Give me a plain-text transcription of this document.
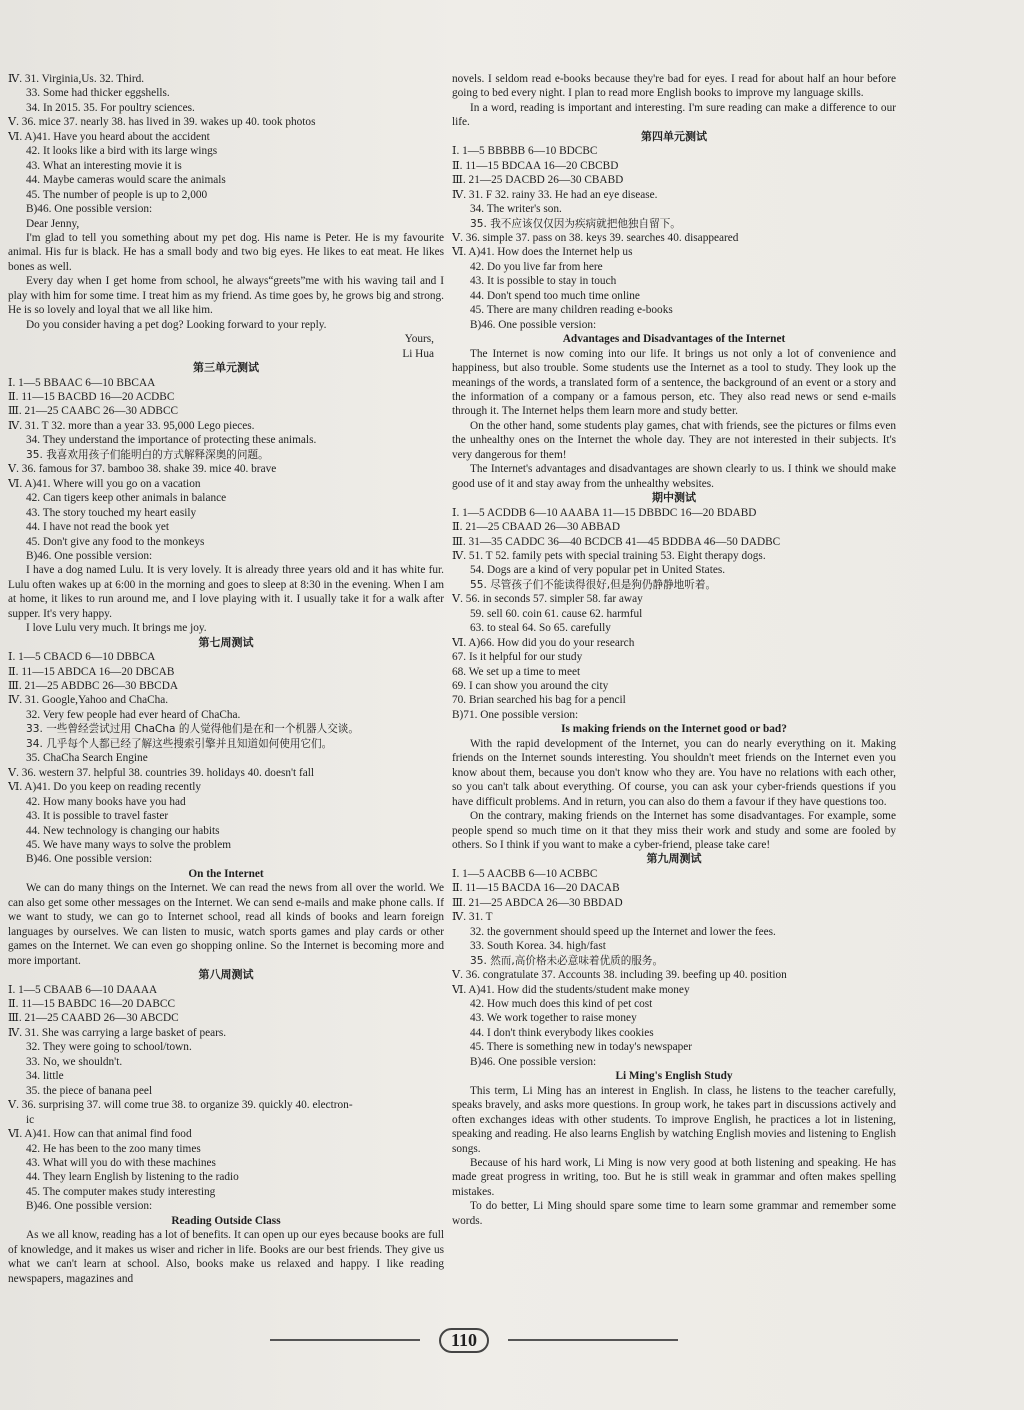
Ⅳ. 31. Virginia,Us. 32. Third.
33. Some had thicker eggshells.
34. In 2015. 35. For poultry sciences.
Ⅴ. 36. mice 37. nearly 38. has lived in 39. wakes up 40. took photos
Ⅵ. A)41. Have you heard about the accident
42. It looks like a bird with its large wings
43. What an interesting movie it is
44. Maybe cameras would scare the animals
45. The number of people is up to 2,000
B)46. One possible version:
Dear Jenny,
I'm glad to tell you something about my pet dog. His name is Peter. He is my favourite animal. His fur is black. He has a small body and two big eyes. He likes to eat meat. He likes bones as well.
Every day when I get home from school, he always“greets”me with his waving tail and I play with him for some time. I treat him as my friend. As time goes by, he grows big and strong. He is so lovely and loyal that we all like him.
Do you consider having a pet dog? Looking forward to your reply.
Yours,
Li Hua
第三单元测试
Ⅰ. 1—5 BBAAC 6—10 BBCAA
Ⅱ. 11—15 BACBD 16—20 ACDBC
Ⅲ. 21—25 CAABC 26—30 ADBCC
Ⅳ. 31. T 32. more than a year 33. 95,000 Lego pieces.
34. They understand the importance of protecting these animals.
35. 我喜欢用孩子们能明白的方式解释深奥的问题。
Ⅴ. 36. famous for 37. bamboo 38. shake 39. mice 40. brave
Ⅵ. A)41. Where will you go on a vacation
42. Can tigers keep other animals in balance
43. The story touched my heart easily
44. I have not read the book yet
45. Don't give any food to the monkeys
B)46. One possible version:
I have a dog named Lulu. It is very lovely. It is already three years old and it has white fur. Lulu often wakes up at 6:00 in the morning and goes to sleep at 8:30 in the evening. When I am at home, it likes to run around me, and I love playing with it. I usually take it for a walk after supper. It's very happy.
I love Lulu very much. It brings me joy.
第七周测试
Ⅰ. 1—5 CBACD 6—10 DBBCA
Ⅱ. 11—15 ABDCA 16—20 DBCAB
Ⅲ. 21—25 ABDBC 26—30 BBCDA
Ⅳ. 31. Google,Yahoo and ChaCha.
32. Very few people had ever heard of ChaCha.
33. 一些曾经尝试过用 ChaCha 的人觉得他们是在和一个机器人交谈。
34. 几乎每个人都已经了解这些搜索引擎并且知道如何使用它们。
35. ChaCha Search Engine
Ⅴ. 36. western 37. helpful 38. countries 39. holidays 40. doesn't fall
Ⅵ. A)41. Do you keep on reading recently
42. How many books have you had
43. It is possible to travel faster
44. New technology is changing our habits
45. We have many ways to solve the problem
B)46. One possible version:
On the Internet
We can do many things on the Internet. We can read the news from all over the world. We can also get some other messages on the Internet. We can send e-mails and make phone calls. If we want to study, we can go to Internet school, read all kinds of books and learn foreign languages by ourselves. We can listen to music, watch sports games and play cards or other games on the Internet. We can even go shopping online. So the Internet is becoming more and more important.
第八周测试
Ⅰ. 1—5 CBAAB 6—10 DAAAA
Ⅱ. 11—15 BABDC 16—20 DABCC
Ⅲ. 21—25 CAABD 26—30 ABCDC
Ⅳ. 31. She was carrying a large basket of pears.
32. They were going to school/town.
33. No, we shouldn't.
34. little
35. the piece of banana peel
Ⅴ. 36. surprising 37. will come true 38. to organize 39. quickly 40. electron-
ic
Ⅵ. A)41. How can that animal find food
42. He has been to the zoo many times
43. What will you do with these machines
44. They learn English by listening to the radio
45. The computer makes study interesting
B)46. One possible version:
Reading Outside Class
As we all know, reading has a lot of benefits. It can open up our eyes because books are full of knowledge, and it makes us wiser and richer in life. Books are our best friends. They give us what we can't learn at school. Also, books make us relaxed and happy. I like reading newspapers, magazines and
novels. I seldom read e-books because they're bad for eyes. I read for about half an hour before going to bed every night. I plan to read more English books to improve my language skills.
In a word, reading is important and interesting. I'm sure reading can make a difference to our life.
第四单元测试
Ⅰ. 1—5 BBBBB 6—10 BDCBC
Ⅱ. 11—15 BDCAA 16—20 CBCBD
Ⅲ. 21—25 DACBD 26—30 CBABD
Ⅳ. 31. F 32. rainy 33. He had an eye disease.
34. The writer's son.
35. 我不应该仅仅因为疾病就把他独自留下。
Ⅴ. 36. simple 37. pass on 38. keys 39. searches 40. disappeared
Ⅵ. A)41. How does the Internet help us
42. Do you live far from here
43. It is possible to stay in touch
44. Don't spend too much time online
45. There are many children reading e-books
B)46. One possible version:
Advantages and Disadvantages of the Internet
The Internet is now coming into our life. It brings us not only a lot of convenience and happiness, but also trouble. Some students use the Internet as a tool to study. They look up the meanings of the words, a translated form of a sentence, the background of an event or a story and the information of a company or a famous person, etc. They also read news or send e-mails through it. The Internet helps them learn more and study better.
On the other hand, some students play games, chat with friends, see the pictures or films even the unhealthy ones on the Internet the whole day. They are not interested in their subjects. It's very dangerous for them!
The Internet's advantages and disadvantages are shown clearly to us. I think we should make good use of it and stay away from the unhealthy websites.
期中测试
Ⅰ. 1—5 ACDDB 6—10 AAABA 11—15 DBBDC 16—20 BDABD
Ⅱ. 21—25 CBAAD 26—30 ABBAD
Ⅲ. 31—35 CADDC 36—40 BCDCB 41—45 BDDBA 46—50 DADBC
Ⅳ. 51. T 52. family pets with special training 53. Eight therapy dogs.
54. Dogs are a kind of very popular pet in United States.
55. 尽管孩子们不能读得很好,但是狗仍静静地听着。
Ⅴ. 56. in seconds 57. simpler 58. far away
59. sell 60. coin 61. cause 62. harmful
63. to steal 64. So 65. carefully
Ⅵ. A)66. How did you do your research
67. Is it helpful for our study
68. We set up a time to meet
69. I can show you around the city
70. Brian searched his bag for a pencil
B)71. One possible version:
Is making friends on the Internet good or bad?
With the rapid development of the Internet, you can do nearly everything on it. Making friends on the Internet sounds interesting. You shouldn't meet friends on the Internet even you know about them, because you don't know who they are. You have no relations with each other, so you can't talk about everything. Of course, you can ask your cyber-friends questions if you have difficult problems. And in return, you can also do them a favour if they have questions too.
On the contrary, making friends on the Internet has some disadvantages. For example, some people spend so much time on it that they miss their work and study and some are fooled by others. So I think if you want to make a cyber-friend, please take care!
第九周测试
Ⅰ. 1—5 AACBB 6—10 ACBBC
Ⅱ. 11—15 BACDA 16—20 DACAB
Ⅲ. 21—25 ABDCA 26—30 BBDAD
Ⅳ. 31. T
32. the government should speed up the Internet and lower the fees.
33. South Korea. 34. high/fast
35. 然而,高价格未必意味着优质的服务。
Ⅴ. 36. congratulate 37. Accounts 38. including 39. beefing up 40. position
Ⅵ. A)41. How did the students/student make money
42. How much does this kind of pet cost
43. We work together to raise money
44. I don't think everybody likes cookies
45. There is something new in today's newspaper
B)46. One possible version:
Li Ming's English Study
This term, Li Ming has an interest in English. In class, he listens to the teacher carefully, speaks bravely, and asks more questions. In group work, he takes part in discussions actively and often exchanges ideas with other students. To improve English, he practices a lot in listening, speaking and reading. He also learns English by watching English movies and listening to English songs.
Because of his hard work, Li Ming is now very good at both listening and speaking. He has made great progress in writing, too. But he is still weak in grammar and often makes spelling mistakes.
To do better, Li Ming should spare some time to learn some grammar and remember some words.
110
